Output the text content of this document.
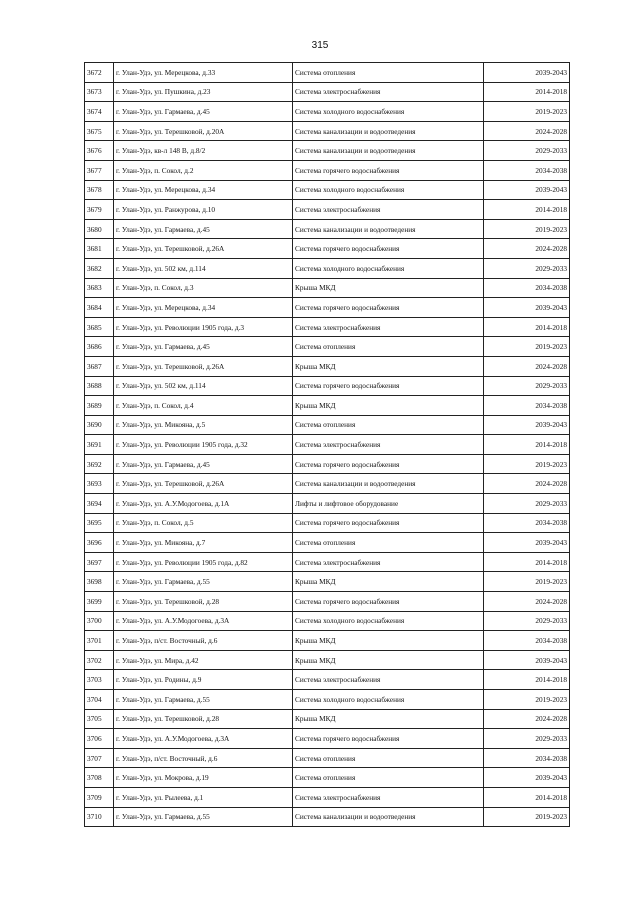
315
3672	г. Улан-Удэ, ул. Мерецкова, д.33	Система отопления	2039-2043
3673	г. Улан-Удэ, ул. Пушкина, д.23	Система электроснабжения	2014-2018
3674	г. Улан-Удэ, ул. Гармаева, д.45	Система холодного водоснабжения	2019-2023
3675	г. Улан-Удэ, ул. Терешковой, д.20А	Система канализации и водоотведения	2024-2028
3676	г. Улан-Удэ, кв-л 148 В, д.8/2	Система канализации и водоотведения	2029-2033
3677	г. Улан-Удэ, п. Сокол, д.2	Система горячего водоснабжения	2034-2038
3678	г. Улан-Удэ, ул. Мерецкова, д.34	Система холодного водоснабжения	2039-2043
3679	г. Улан-Удэ, ул. Ранжурова, д.10	Система электроснабжения	2014-2018
3680	г. Улан-Удэ, ул. Гармаева, д.45	Система канализации и водоотведения	2019-2023
3681	г. Улан-Удэ, ул. Терешковой, д.26А	Система горячего водоснабжения	2024-2028
3682	г. Улан-Удэ, ул. 502 км, д.114	Система холодного водоснабжения	2029-2033
3683	г. Улан-Удэ, п. Сокол, д.3	Крыша МКД	2034-2038
3684	г. Улан-Удэ, ул. Мерецкова, д.34	Система горячего водоснабжения	2039-2043
3685	г. Улан-Удэ, ул. Революции 1905 года, д.3	Система электроснабжения	2014-2018
3686	г. Улан-Удэ, ул. Гармаева, д.45	Система отопления	2019-2023
3687	г. Улан-Удэ, ул. Терешковой, д.26А	Крыша МКД	2024-2028
3688	г. Улан-Удэ, ул. 502 км, д.114	Система горячего водоснабжения	2029-2033
3689	г. Улан-Удэ, п. Сокол, д.4	Крыша МКД	2034-2038
3690	г. Улан-Удэ, ул. Микояна, д.5	Система отопления	2039-2043
3691	г. Улан-Удэ, ул. Революции 1905 года, д.32	Система электроснабжения	2014-2018
3692	г. Улан-Удэ, ул. Гармаева, д.45	Система горячего водоснабжения	2019-2023
3693	г. Улан-Удэ, ул. Терешковой, д.26А	Система канализации и водоотведения	2024-2028
3694	г. Улан-Удэ, ул. А.У.Модогоева, д.1А	Лифты и лифтовое оборудование	2029-2033
3695	г. Улан-Удэ, п. Сокол, д.5	Система горячего водоснабжения	2034-2038
3696	г. Улан-Удэ, ул. Микояна, д.7	Система отопления	2039-2043
3697	г. Улан-Удэ, ул. Революции 1905 года, д.82	Система электроснабжения	2014-2018
3698	г. Улан-Удэ, ул. Гармаева, д.55	Крыша МКД	2019-2023
3699	г. Улан-Удэ, ул. Терешковой, д.28	Система горячего водоснабжения	2024-2028
3700	г. Улан-Удэ, ул. А.У.Модогоева, д.3А	Система холодного водоснабжения	2029-2033
3701	г. Улан-Удэ, п/ст. Восточный, д.6	Крыша МКД	2034-2038
3702	г. Улан-Удэ, ул. Мира, д.42	Крыша МКД	2039-2043
3703	г. Улан-Удэ, ул. Родины, д.9	Система электроснабжения	2014-2018
3704	г. Улан-Удэ, ул. Гармаева, д.55	Система холодного водоснабжения	2019-2023
3705	г. Улан-Удэ, ул. Терешковой, д.28	Крыша МКД	2024-2028
3706	г. Улан-Удэ, ул. А.У.Модогоева, д.3А	Система горячего водоснабжения	2029-2033
3707	г. Улан-Удэ, п/ст. Восточный, д.6	Система отопления	2034-2038
3708	г. Улан-Удэ, ул. Мокрова, д.19	Система отопления	2039-2043
3709	г. Улан-Удэ, ул. Рылеева, д.1	Система электроснабжения	2014-2018
3710	г. Улан-Удэ, ул. Гармаева, д.55	Система канализации и водоотведения	2019-2023
